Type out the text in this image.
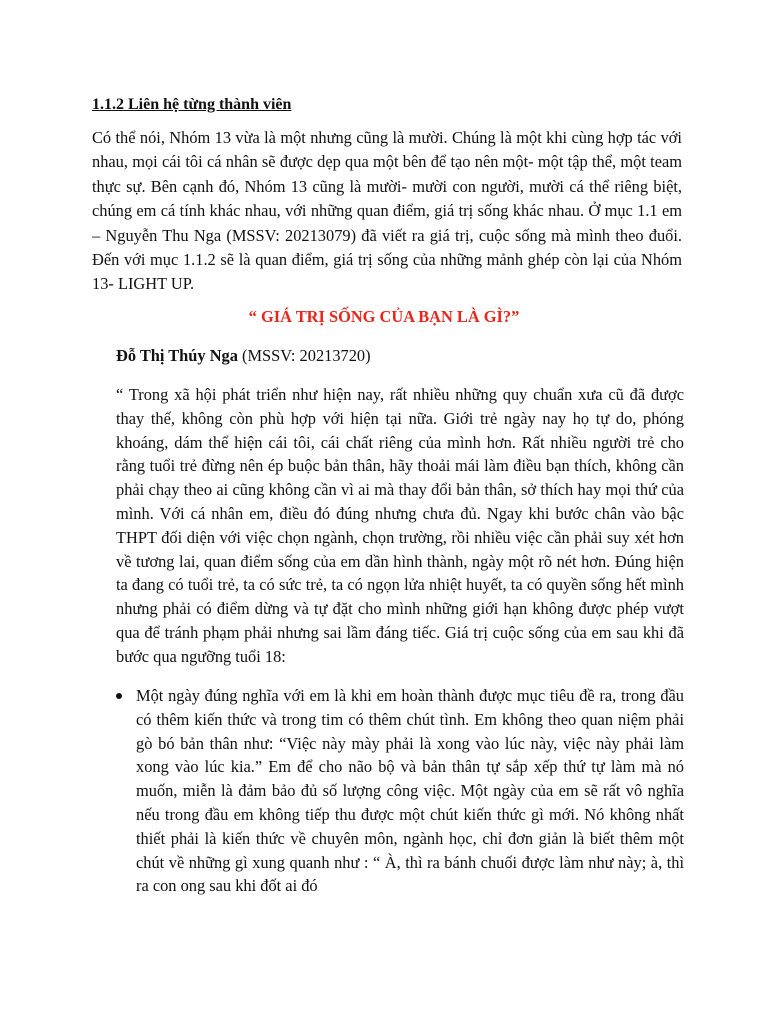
1.1.2 Liên hệ từng thành viên

Có thể nói, Nhóm 13 vừa là một nhưng cũng là mười. Chúng là một khi cùng hợp tác với nhau, mọi cái tôi cá nhân sẽ được dẹp qua một bên để tạo nên một- một tập thể, một team thực sự. Bên cạnh đó, Nhóm 13 cũng là mười- mười con người, mười cá thể riêng biệt, chúng em cá tính khác nhau, với những quan điểm, giá trị sống khác nhau. Ở mục 1.1 em – Nguyễn Thu Nga (MSSV: 20213079) đã viết ra giá trị, cuộc sống mà mình theo đuổi. Đến với mục 1.1.2 sẽ là quan điểm, giá trị sống của những mảnh ghép còn lại của Nhóm 13- LIGHT UP.

“ GIÁ TRỊ SỐNG CỦA BẠN LÀ GÌ?”

Đỗ Thị Thúy Nga (MSSV: 20213720)

“ Trong xã hội phát triển như hiện nay, rất nhiều những quy chuẩn xưa cũ đã được thay thế, không còn phù hợp với hiện tại nữa. Giới trẻ ngày nay họ tự do, phóng khoáng, dám thể hiện cái tôi, cái chất riêng của mình hơn. Rất nhiều người trẻ cho rằng tuổi trẻ đừng nên ép buộc bản thân, hãy thoải mái làm điều bạn thích, không cần phải chạy theo ai cũng không cần vì ai mà thay đổi bản thân, sở thích hay mọi thứ của mình. Với cá nhân em, điều đó đúng nhưng chưa đủ. Ngay khi bước chân vào bậc THPT đối diện với việc chọn ngành, chọn trường, rồi nhiều việc cần phải suy xét hơn về tương lai, quan điểm sống của em dần hình thành, ngày một rõ nét hơn. Đúng hiện ta đang có tuổi trẻ, ta có sức trẻ, ta có ngọn lửa nhiệt huyết, ta có quyền sống hết mình nhưng phải có điểm dừng và tự đặt cho mình những giới hạn không được phép vượt qua để tránh phạm phải nhưng sai lầm đáng tiếc. Giá trị cuộc sống của em sau khi đã bước qua ngưỡng tuổi 18:

Một ngày đúng nghĩa với em là khi em hoàn thành được mục tiêu đề ra, trong đầu có thêm kiến thức và trong tim có thêm chút tình. Em không theo quan niệm phải gò bó bản thân như: “Việc này mày phải là xong vào lúc này, việc này phải làm xong vào lúc kia.” Em để cho não bộ và bản thân tự sắp xếp thứ tự làm mà nó muốn, miễn là đảm bảo đủ số lượng công việc. Một ngày của em sẽ rất vô nghĩa nếu trong đầu em không tiếp thu được một chút kiến thức gì mới. Nó không nhất thiết phải là kiến thức về chuyên môn, ngành học, chỉ đơn giản là biết thêm một chút về những gì xung quanh như : “ À, thì ra bánh chuối được làm như này; à, thì ra con ong sau khi đốt ai đó
